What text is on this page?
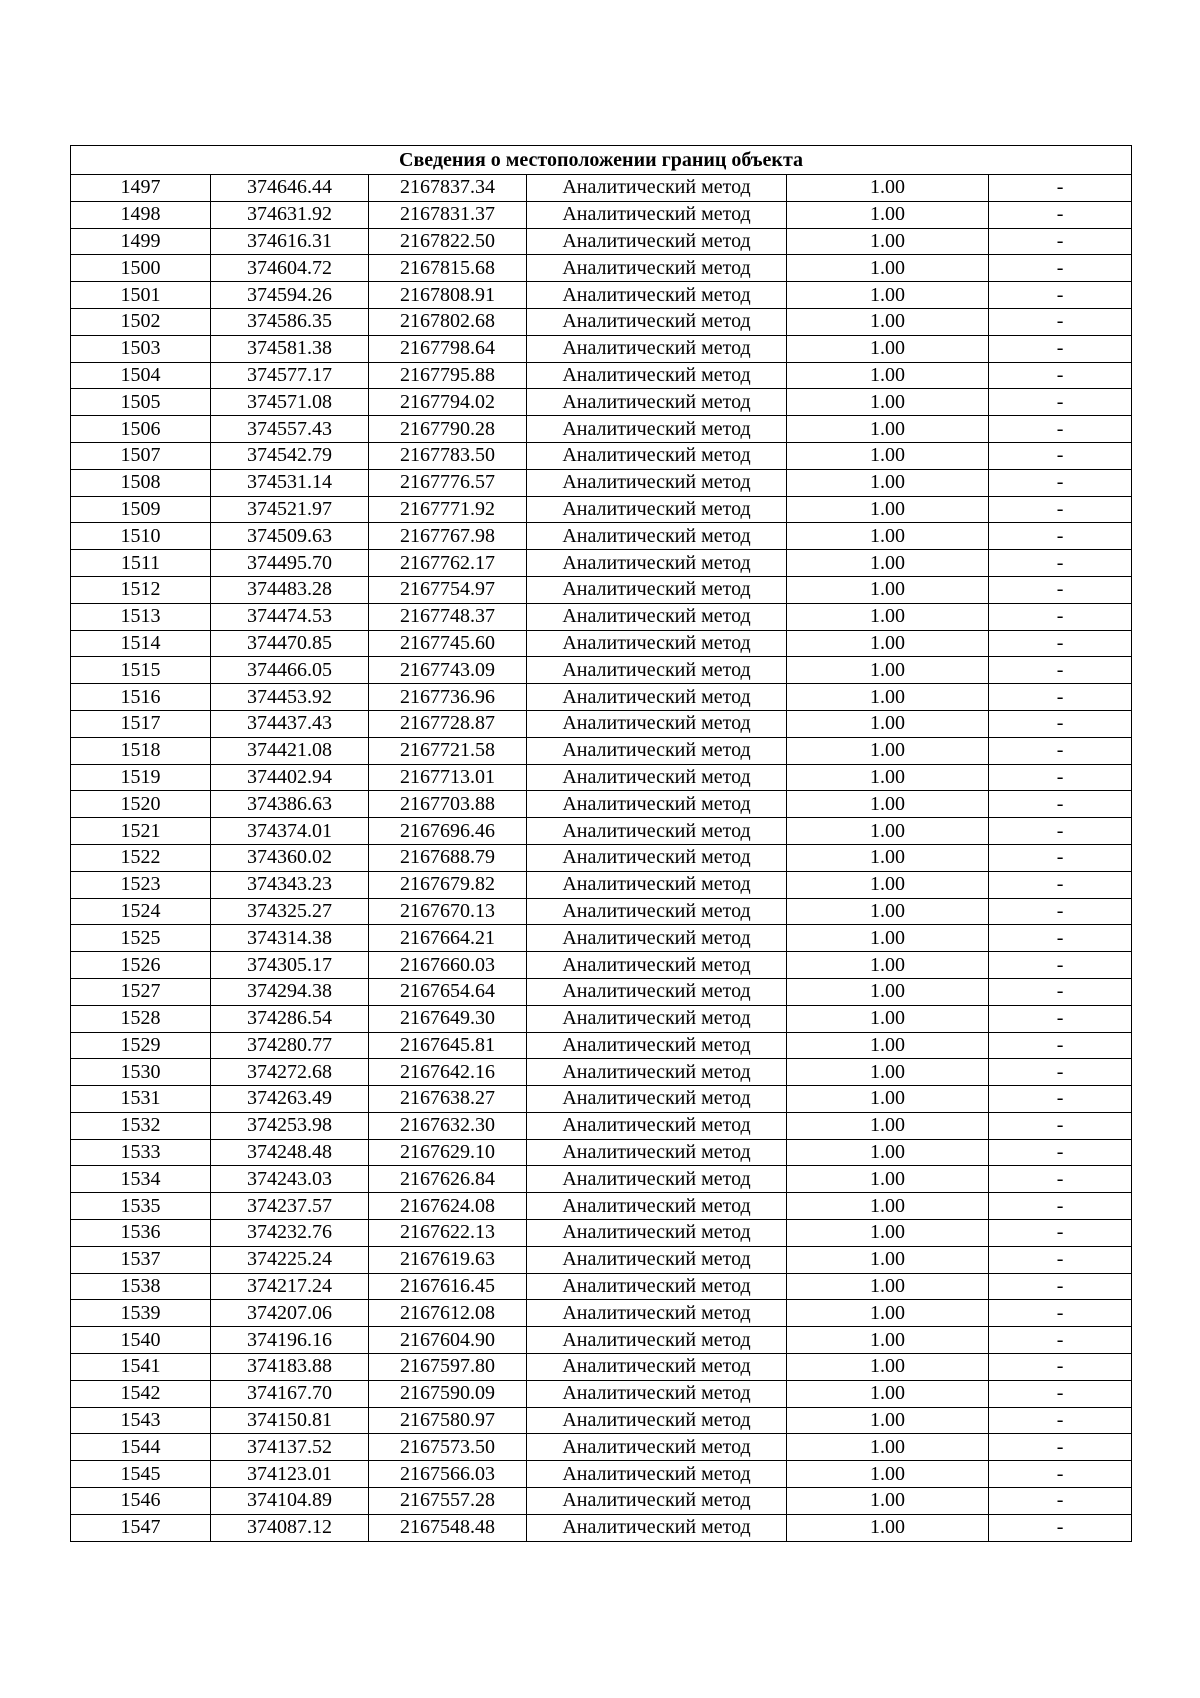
Сведения о местоположении границ объекта					
1497	374646.44	2167837.34	Аналитический метод	1.00	-
1498	374631.92	2167831.37	Аналитический метод	1.00	-
1499	374616.31	2167822.50	Аналитический метод	1.00	-
1500	374604.72	2167815.68	Аналитический метод	1.00	-
1501	374594.26	2167808.91	Аналитический метод	1.00	-
1502	374586.35	2167802.68	Аналитический метод	1.00	-
1503	374581.38	2167798.64	Аналитический метод	1.00	-
1504	374577.17	2167795.88	Аналитический метод	1.00	-
1505	374571.08	2167794.02	Аналитический метод	1.00	-
1506	374557.43	2167790.28	Аналитический метод	1.00	-
1507	374542.79	2167783.50	Аналитический метод	1.00	-
1508	374531.14	2167776.57	Аналитический метод	1.00	-
1509	374521.97	2167771.92	Аналитический метод	1.00	-
1510	374509.63	2167767.98	Аналитический метод	1.00	-
1511	374495.70	2167762.17	Аналитический метод	1.00	-
1512	374483.28	2167754.97	Аналитический метод	1.00	-
1513	374474.53	2167748.37	Аналитический метод	1.00	-
1514	374470.85	2167745.60	Аналитический метод	1.00	-
1515	374466.05	2167743.09	Аналитический метод	1.00	-
1516	374453.92	2167736.96	Аналитический метод	1.00	-
1517	374437.43	2167728.87	Аналитический метод	1.00	-
1518	374421.08	2167721.58	Аналитический метод	1.00	-
1519	374402.94	2167713.01	Аналитический метод	1.00	-
1520	374386.63	2167703.88	Аналитический метод	1.00	-
1521	374374.01	2167696.46	Аналитический метод	1.00	-
1522	374360.02	2167688.79	Аналитический метод	1.00	-
1523	374343.23	2167679.82	Аналитический метод	1.00	-
1524	374325.27	2167670.13	Аналитический метод	1.00	-
1525	374314.38	2167664.21	Аналитический метод	1.00	-
1526	374305.17	2167660.03	Аналитический метод	1.00	-
1527	374294.38	2167654.64	Аналитический метод	1.00	-
1528	374286.54	2167649.30	Аналитический метод	1.00	-
1529	374280.77	2167645.81	Аналитический метод	1.00	-
1530	374272.68	2167642.16	Аналитический метод	1.00	-
1531	374263.49	2167638.27	Аналитический метод	1.00	-
1532	374253.98	2167632.30	Аналитический метод	1.00	-
1533	374248.48	2167629.10	Аналитический метод	1.00	-
1534	374243.03	2167626.84	Аналитический метод	1.00	-
1535	374237.57	2167624.08	Аналитический метод	1.00	-
1536	374232.76	2167622.13	Аналитический метод	1.00	-
1537	374225.24	2167619.63	Аналитический метод	1.00	-
1538	374217.24	2167616.45	Аналитический метод	1.00	-
1539	374207.06	2167612.08	Аналитический метод	1.00	-
1540	374196.16	2167604.90	Аналитический метод	1.00	-
1541	374183.88	2167597.80	Аналитический метод	1.00	-
1542	374167.70	2167590.09	Аналитический метод	1.00	-
1543	374150.81	2167580.97	Аналитический метод	1.00	-
1544	374137.52	2167573.50	Аналитический метод	1.00	-
1545	374123.01	2167566.03	Аналитический метод	1.00	-
1546	374104.89	2167557.28	Аналитический метод	1.00	-
1547	374087.12	2167548.48	Аналитический метод	1.00	-
